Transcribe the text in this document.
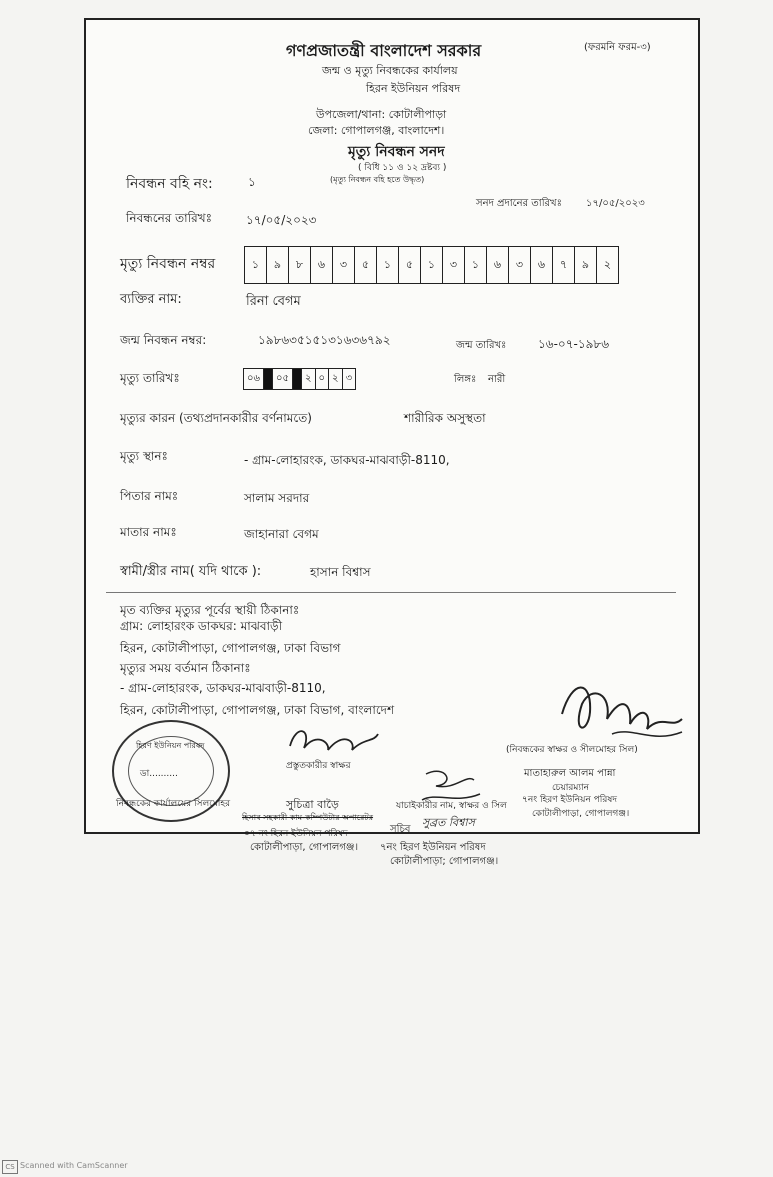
গণপ্রজাতন্ত্রী বাংলাদেশ সরকার	(ফরমনি ফরম-৩)
জন্ম ও মৃত্যু নিবন্ধকের কার্যালয়
হিরন ইউনিয়ন পরিষদ
উপজেলা/থানা: কোটালীপাড়া
জেলা: গোপালগঞ্জ, বাংলাদেশ।
মৃত্যু নিবন্ধন সনদ
( বিধি ১১ ও ১২ দ্রষ্টব্য )
(মৃত্যু নিবন্ধন বহি হতে উদ্ধৃত)
নিবন্ধন বহি নং:	১
সনদ প্রদানের তারিখঃ ১৭/০৫/২০২৩
নিবন্ধনের তারিখঃ	১৭/০৫/২০২৩
মৃত্যু নিবন্ধন নম্বর	১	৯	৮	৬	৩	৫	১	৫	১	৩	১	৬	৩	৬	৭	৯	২
ব্যক্তির নাম:	রিনা বেগম
জন্ম নিবন্ধন নম্বর:	১৯৮৬৩৫১৫১৩১৬৩৬৭৯২	জন্ম তারিখঃ	১৬-০৭-১৯৮৬
মৃত্যু তারিখঃ	০৬	০৫	২ ০ ২ ৩	লিঙ্গঃ নারী
মৃত্যুর কারন (তথ্যপ্রদানকারীর বর্ণনামতে)	শারীরিক অসুস্থতা
মৃত্যু স্থানঃ	- গ্রাম-লোহারংক, ডাকঘর-মাঝবাড়ী-8110,
পিতার নামঃ	সালাম সরদার
মাতার নামঃ	জাহানারা বেগম
স্বামী/স্ত্রীর নাম( যদি থাকে ):	হাসান বিশ্বাস
মৃত ব্যক্তির মৃত্যুর পূর্বের স্থায়ী ঠিকানাঃ
গ্রাম: লোহারংক ডাকঘর: মাঝবাড়ী
হিরন, কোটালীপাড়া, গোপালগঞ্জ, ঢাকা বিভাগ
মৃত্যুর সময় বর্তমান ঠিকানাঃ
- গ্রাম-লোহারংক, ডাকঘর-মাঝবাড়ী-8110,
হিরন, কোটালীপাড়া, গোপালগঞ্জ, ঢাকা বিভাগ, বাংলাদেশ
(নিবন্ধকের স্বাক্ষর ও সীলমোহর সিল)
প্রস্তুতকারীর স্বাক্ষর
হিরণ ইউনিয়ন পরিষদ
ডা..........	মাতাহারুল আলম পান্না
চেয়ারম্যান
৭নং হিরণ ইউনিয়ন পরিষদ
কোটালীপাড়া, গোপালগঞ্জ।
নিবন্ধকের কার্যালয়ের সিলমোহর	সুচিত্রা বাড়ৈ
হিসাব সহকারী কাম-কম্পিউটার অপারেটর
০৭ নং হিরন ইউনিয়ন পরিষদ
যাচাইকারীর নাম, স্বাক্ষর ও সিল
সুব্রত বিশ্বাস
কোটালীপাড়া, গোপালগঞ্জ।
সচিব
৭নং হিরণ ইউনিয়ন পরিষদ
কোটালীপাড়া; গোপালগঞ্জ।
CS Scanned with CamScanner
